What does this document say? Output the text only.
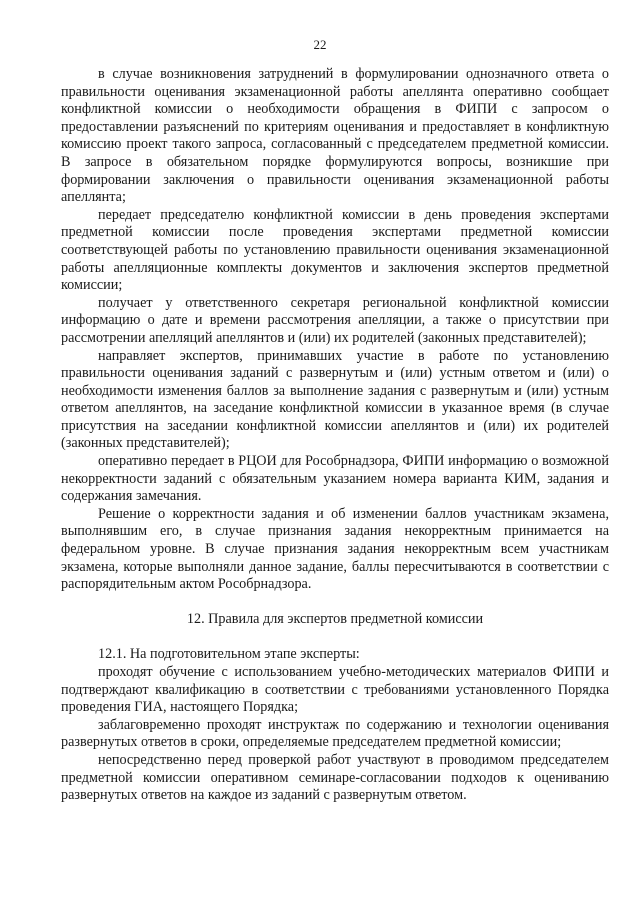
22

в случае возникновения затруднений в формулировании однозначного ответа о правильности оценивания экзаменационной работы апеллянта оперативно сообщает конфликтной комиссии о необходимости обращения в ФИПИ с запросом о предоставлении разъяснений по критериям оценивания и предоставляет в конфликтную комиссию проект такого запроса, согласованный с председателем предметной комиссии. В запросе в обязательном порядке формулируются вопросы, возникшие при формировании заключения о правильности оценивания экзаменационной работы апеллянта;

передает председателю конфликтной комиссии в день проведения экспертами предметной комиссии после проведения экспертами предметной комиссии соответствующей работы по установлению правильности оценивания экзаменационной работы апелляционные комплекты документов и заключения экспертов предметной комиссии;

получает у ответственного секретаря региональной конфликтной комиссии информацию о дате и времени рассмотрения апелляции, а также о присутствии при рассмотрении апелляций апеллянтов и (или) их родителей (законных представителей);

направляет экспертов, принимавших участие в работе по установлению правильности оценивания заданий с развернутым и (или) устным ответом и (или) о необходимости изменения баллов за выполнение задания с развернутым и (или) устным ответом апеллянтов, на заседание конфликтной комиссии в указанное время (в случае присутствия на заседании конфликтной комиссии апеллянтов и (или) их родителей (законных представителей);

оперативно передает в РЦОИ для Рособрнадзора, ФИПИ информацию о возможной некорректности заданий с обязательным указанием номера варианта КИМ, задания и содержания замечания.

Решение о корректности задания и об изменении баллов участникам экзамена, выполнявшим его, в случае признания задания некорректным принимается на федеральном уровне. В случае признания задания некорректным всем участникам экзамена, которые выполняли данное задание, баллы пересчитываются в соответствии с распорядительным актом Рособрнадзора.

12. Правила для экспертов предметной комиссии

12.1. На подготовительном этапе эксперты:

проходят обучение с использованием учебно-методических материалов ФИПИ и подтверждают квалификацию в соответствии с требованиями установленного Порядка проведения ГИА, настоящего Порядка;

заблаговременно проходят инструктаж по содержанию и технологии оценивания развернутых ответов в сроки, определяемые председателем предметной комиссии;

непосредственно перед проверкой работ участвуют в проводимом председателем предметной комиссии оперативном семинаре-согласовании подходов к оцениванию развернутых ответов на каждое из заданий с развернутым ответом.
